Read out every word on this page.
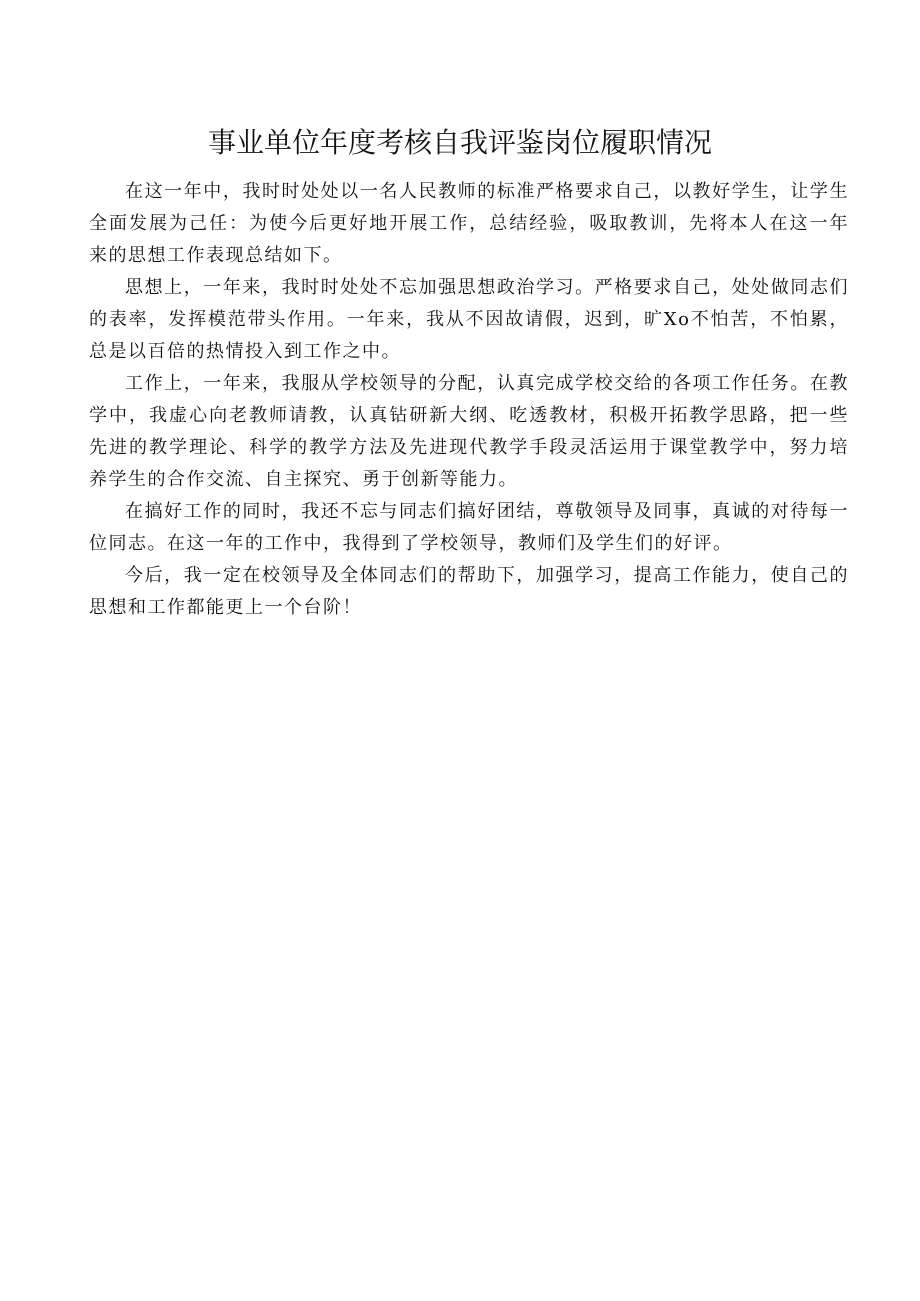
事业单位年度考核自我评鉴岗位履职情况

在这一年中，我时时处处以一名人民教师的标准严格要求自己，以教好学生，让学生全面发展为己任：为使今后更好地开展工作，总结经验，吸取教训，先将本人在这一年来的思想工作表现总结如下。

思想上，一年来，我时时处处不忘加强思想政治学习。严格要求自己，处处做同志们的表率，发挥模范带头作用。一年来，我从不因故请假，迟到，旷Xo不怕苦，不怕累，总是以百倍的热情投入到工作之中。

工作上，一年来，我服从学校领导的分配，认真完成学校交给的各项工作任务。在教学中，我虚心向老教师请教，认真钻研新大纲、吃透教材，积极开拓教学思路，把一些先进的教学理论、科学的教学方法及先进现代教学手段灵活运用于课堂教学中，努力培养学生的合作交流、自主探究、勇于创新等能力。

在搞好工作的同时，我还不忘与同志们搞好团结，尊敬领导及同事，真诚的对待每一位同志。在这一年的工作中，我得到了学校领导，教师们及学生们的好评。

今后，我一定在校领导及全体同志们的帮助下，加强学习，提高工作能力，使自己的思想和工作都能更上一个台阶！
